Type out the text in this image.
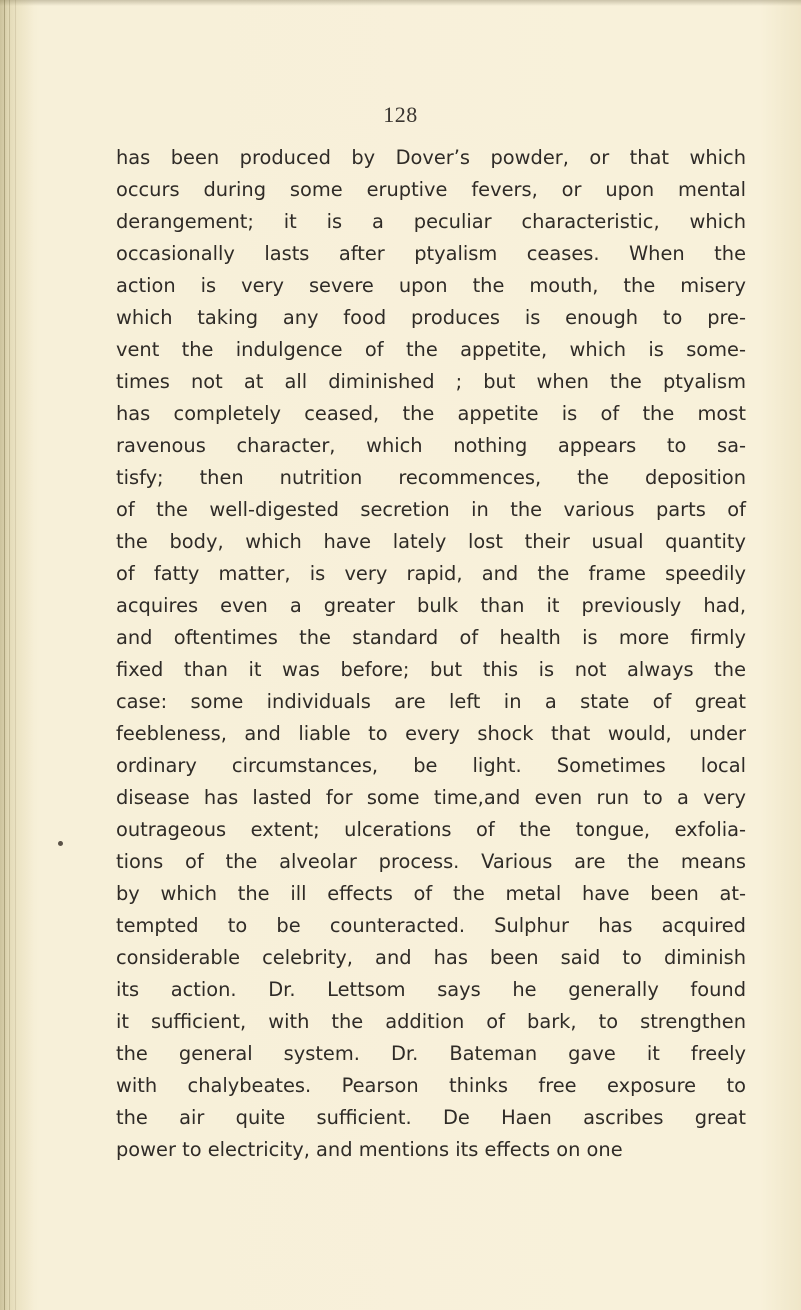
128
has been produced by Dover’s powder, or that which
occurs during some eruptive fevers, or upon mental
derangement; it is a peculiar characteristic, which
occasionally lasts after ptyalism ceases. When the
action is very severe upon the mouth, the misery
which taking any food produces is enough to pre-
vent the indulgence of the appetite, which is some-
times not at all diminished ; but when the ptyalism
has completely ceased, the appetite is of the most
ravenous character, which nothing appears to sa-
tisfy; then nutrition recommences, the deposition
of the well-digested secretion in the various parts of
the body, which have lately lost their usual quantity
of fatty matter, is very rapid, and the frame speedily
acquires even a greater bulk than it previously had,
and oftentimes the standard of health is more firmly
fixed than it was before; but this is not always the
case: some individuals are left in a state of great
feebleness, and liable to every shock that would, under
ordinary circumstances, be light. Sometimes local
disease has lasted for some time,and even run to a very
outrageous extent; ulcerations of the tongue, exfolia-
tions of the alveolar process. Various are the means
by which the ill effects of the metal have been at-
tempted to be counteracted. Sulphur has acquired
considerable celebrity, and has been said to diminish
its action. Dr. Lettsom says he generally found
it sufficient, with the addition of bark, to strengthen
the general system. Dr. Bateman gave it freely
with chalybeates. Pearson thinks free exposure to
the air quite sufficient. De Haen ascribes great
power to electricity, and mentions its effects on one
